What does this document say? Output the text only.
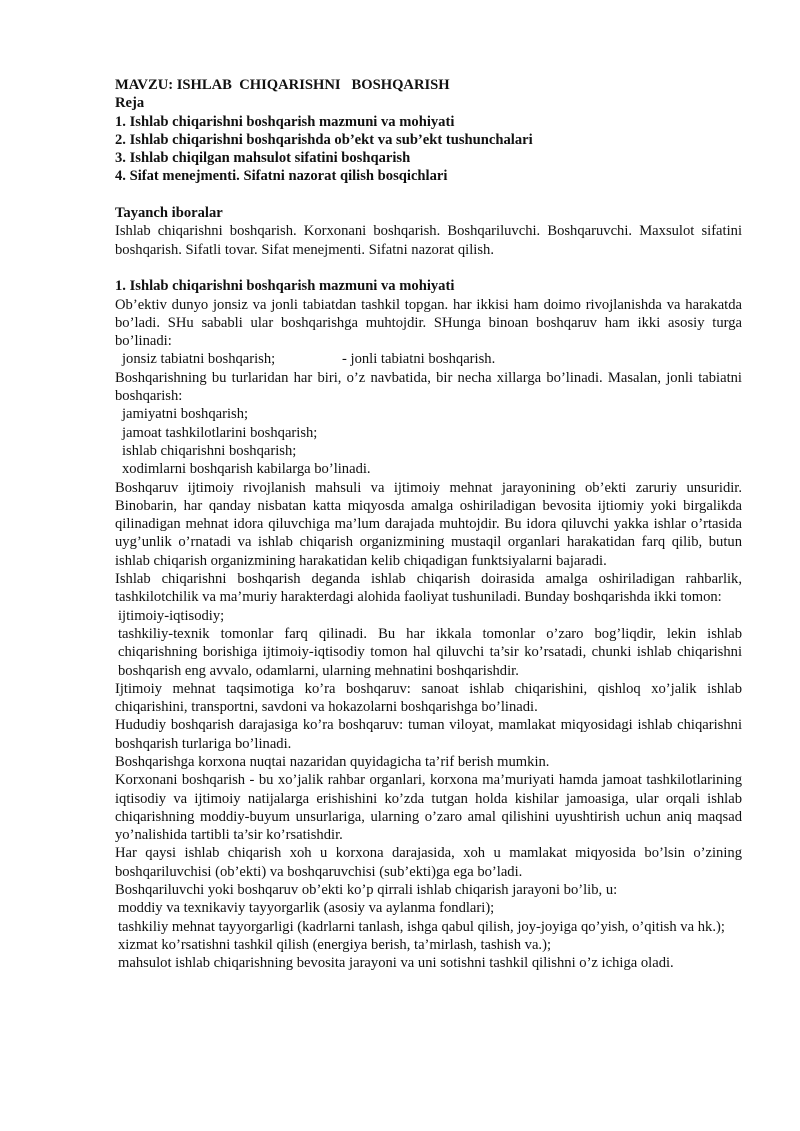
MAVZU: ISHLAB  CHIQARISHNI   BOSHQARISH

Reja

1. Ishlab chiqarishni boshqarish mazmuni va mohiyati

2. Ishlab chiqarishni boshqarishda ob’ekt va sub’ekt tushunchalari

3. Ishlab chiqilgan mahsulot sifatini boshqarish

4. Sifat menejmenti. Sifatni nazorat qilish bosqichlari

Tayanch iboralar

Ishlab chiqarishni boshqarish. Korxonani boshqarish. Boshqariluvchi. Boshqaruvchi. Maxsulot sifatini boshqarish. Sifatli tovar. Sifat menejmenti. Sifatni nazorat qilish.

1. Ishlab chiqarishni boshqarish mazmuni va mohiyati

Ob’ektiv dunyo jonsiz va jonli tabiatdan tashkil topgan. har ikkisi ham doimo rivojlanishda va harakatda bo’ladi. SHu sababli ular boshqarishga muhtojdir. SHunga binoan boshqaruv ham ikki asosiy turga bo’linadi:

jonsiz tabiatni boshqarish;	- jonli tabiatni boshqarish.

Boshqarishning bu turlaridan har biri, o’z navbatida, bir necha xillarga bo’linadi. Masalan, jonli tabiatni boshqarish:

jamiyatni boshqarish;

jamoat tashkilotlarini boshqarish;

ishlab chiqarishni boshqarish;

xodimlarni boshqarish kabilarga bo’linadi.

Boshqaruv ijtimoiy rivojlanish mahsuli va ijtimoiy mehnat jarayonining ob’ekti zaruriy unsuridir. Binobarin, har qanday nisbatan katta miqyosda amalga oshiriladigan bevosita ijtiomiy yoki birgalikda qilinadigan mehnat idora qiluvchiga ma’lum darajada muhtojdir. Bu idora qiluvchi yakka ishlar o’rtasida uyg’unlik o’rnatadi va ishlab chiqarish organizmining mustaqil organlari harakatidan farq qilib, butun ishlab chiqarish organizmining harakatidan kelib chiqadigan funktsiyalarni bajaradi.

Ishlab chiqarishni boshqarish deganda ishlab chiqarish doirasida amalga oshiriladigan rahbarlik, tashkilotchilik va ma’muriy harakterdagi alohida faoliyat tushuniladi. Bunday boshqarishda ikki tomon:

ijtimoiy-iqtisodiy;

tashkiliy-texnik tomonlar farq qilinadi. Bu har ikkala tomonlar o’zaro bog’liqdir, lekin ishlab chiqarishning borishiga ijtimoiy-iqtisodiy tomon hal qiluvchi ta’sir ko’rsatadi, chunki ishlab chiqarishni boshqarish eng avvalo, odamlarni, ularning mehnatini boshqarishdir.

Ijtimoiy mehnat taqsimotiga ko’ra boshqaruv: sanoat ishlab chiqarishini, qishloq xo’jalik ishlab chiqarishini, transportni, savdoni va hokazolarni boshqarishga bo’linadi.

Hududiy boshqarish darajasiga ko’ra boshqaruv: tuman viloyat, mamlakat miqyosidagi ishlab chiqarishni boshqarish turlariga bo’linadi.

Boshqarishga korxona nuqtai nazaridan quyidagicha ta’rif berish mumkin.

Korxonani boshqarish - bu xo’jalik rahbar organlari, korxona ma’muriyati hamda jamoat tashkilotlarining iqtisodiy va ijtimoiy natijalarga erishishini ko’zda tutgan holda kishilar jamoasiga, ular orqali ishlab chiqarishning moddiy-buyum unsurlariga, ularning o’zaro amal qilishini uyushtirish uchun aniq maqsad yo’nalishida tartibli ta’sir ko’rsatishdir.

Har qaysi ishlab chiqarish xoh u korxona darajasida, xoh u mamlakat miqyosida bo’lsin o’zining boshqariluvchisi (ob’ekti) va boshqaruvchisi (sub’ekti)ga ega bo’ladi.

Boshqariluvchi yoki boshqaruv ob’ekti ko’p qirrali ishlab chiqarish jarayoni bo’lib, u:

moddiy va texnikaviy tayyorgarlik (asosiy va aylanma fondlari);

tashkiliy mehnat tayyorgarligi (kadrlarni tanlash, ishga qabul qilish, joy-joyiga qo’yish, o’qitish va hk.);

xizmat ko’rsatishni tashkil qilish (energiya berish, ta’mirlash, tashish va.);

mahsulot ishlab chiqarishning bevosita jarayoni va uni sotishni tashkil qilishni o’z ichiga oladi.
